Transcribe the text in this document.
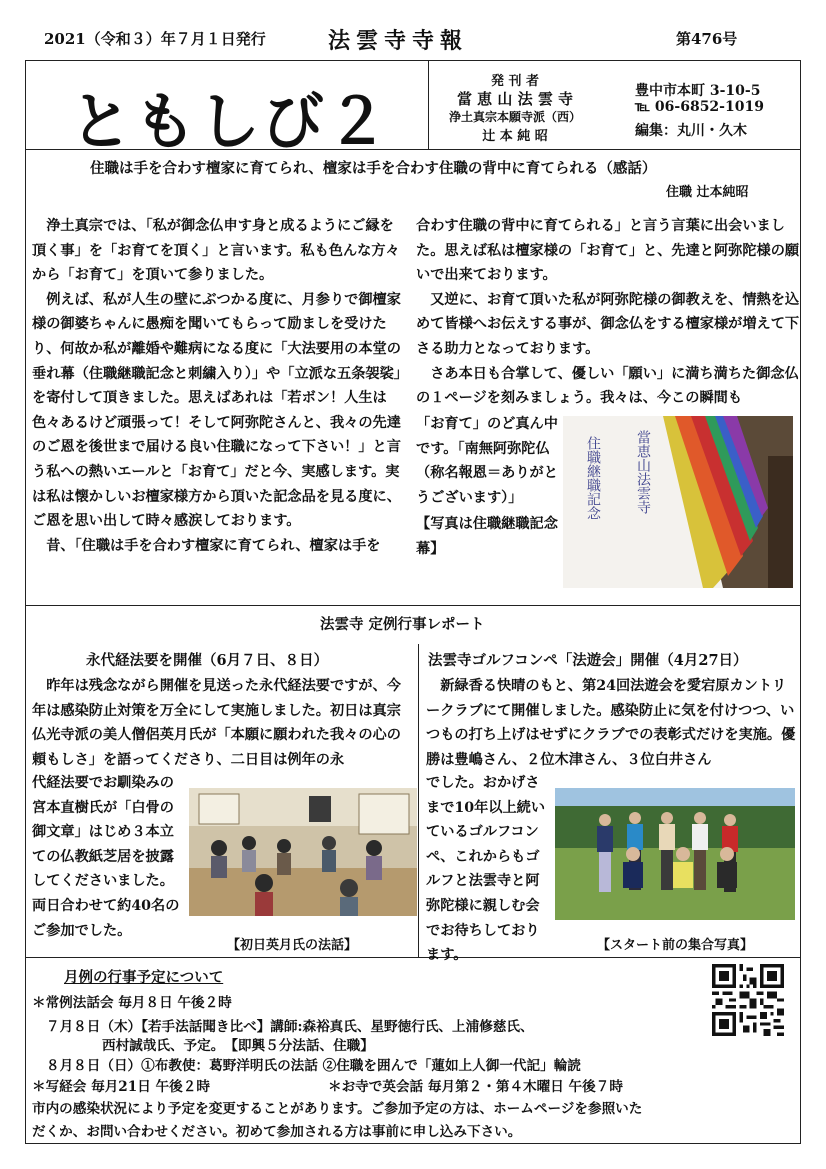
2021（令和３）年７月１日発行	法雲寺寺報	第476号
ともしび２
発 刊 者
當 恵 山 法 雲 寺
浄土真宗本願寺派（西）
辻 本 純 昭
豊中市本町 3-10-5
℡ 06-6852-1019
編集：丸川・久木
住職は手を合わす檀家に育てられ、檀家は手を合わす住職の背中に育てられる（感話）
住職 辻本純昭

浄土真宗では、「私が御念仏申す身と成るようにご縁を頂く事」を「お育てを頂く」と言います。私も色んな方々から「お育て」を頂いて参りました。

例えば、私が人生の壁にぶつかる度に、月参りで御檀家様の御婆ちゃんに愚痴を聞いてもらって励ましを受けたり、何故か私が離婚や難病になる度に「大法要用の本堂の垂れ幕（住職継職記念と刺繍入り）」や「立派な五条袈裟」を寄付して頂きました。思えばあれは「若ボン！人生は色々あるけど頑張って！そして阿弥陀さんと、我々の先達のご恩を後世まで届ける良い住職になって下さい！」と言う私への熱いエールと「お育て」だと今、実感します。実は私は懐かしいお檀家様方から頂いた記念品を見る度に、ご恩を思い出して時々感涙しております。

昔、「住職は手を合わす檀家に育てられ、檀家は手を

合わす住職の背中に育てられる」と言う言葉に出会いました。思えば私は檀家様の「お育て」と、先達と阿弥陀様の願いで出来ております。

又逆に、お育て頂いた私が阿弥陀様の御教えを、情熱を込めて皆様へお伝えする事が、御念仏をする檀家様が増えて下さる助力となっております。

さあ本日も合掌して、優しい「願い」に満ち満ちた御念仏の１ページを刻みましょう。我々は、今この瞬間も

「お育て」のど真ん中です。「南無阿弥陀仏（称名報恩＝ありがとうございます）」

【写真は住職継職記念幕】

住職継職記念 當恵山法雲寺
法雲寺 定例行事レポート
永代経法要を開催（6月７日、８日）

昨年は残念ながら開催を見送った永代経法要ですが、今年は感染防止対策を万全にして実施しました。初日は真宗仏光寺派の美人僧侶英月氏が「本願に願われた我々の心の頼もしさ」を語ってくださり、二日目は例年の永

代経法要でお馴染みの宮本直樹氏が「白骨の御文章」はじめ３本立ての仏教紙芝居を披露してくださいました。両日合わせて約40名のご参加でした。

【初日英月氏の法話】
法雲寺ゴルフコンペ「法遊会」開催（4月27日）

新緑香る快晴のもと、第24回法遊会を愛宕原カントリークラブにて開催しました。感染防止に気を付けつつ、いつもの打ち上げはせずにクラブでの表彰式だけを実施。優勝は豊嶋さん、２位木津さん、３位白井さん

でした。おかげさまで10年以上続いているゴルフコンペ、これからもゴルフと法雲寺と阿弥陀様に親しむ会でお待ちしております。

【スタート前の集合写真】
月例の行事予定について
＊常例法話会 毎月８日 午後２時
７月８日（木）【若手法話聞き比べ】講師:森裕真氏、星野徳行氏、上浦修慈氏、
西村誠哉氏、予定。　【即興５分法話、住職】
８月８日（日）①布教使：葛野洋明氏の法話 ②住職を囲んで「蓮如上人御一代記」輪読
＊写経会 毎月21日 午後２時	＊お寺で英会話 毎月第２・第４木曜日 午後７時
市内の感染状況により予定を変更することがあります。ご参加予定の方は、ホームページを参照いた
だくか、お問い合わせください。初めて参加される方は事前に申し込み下さい。
